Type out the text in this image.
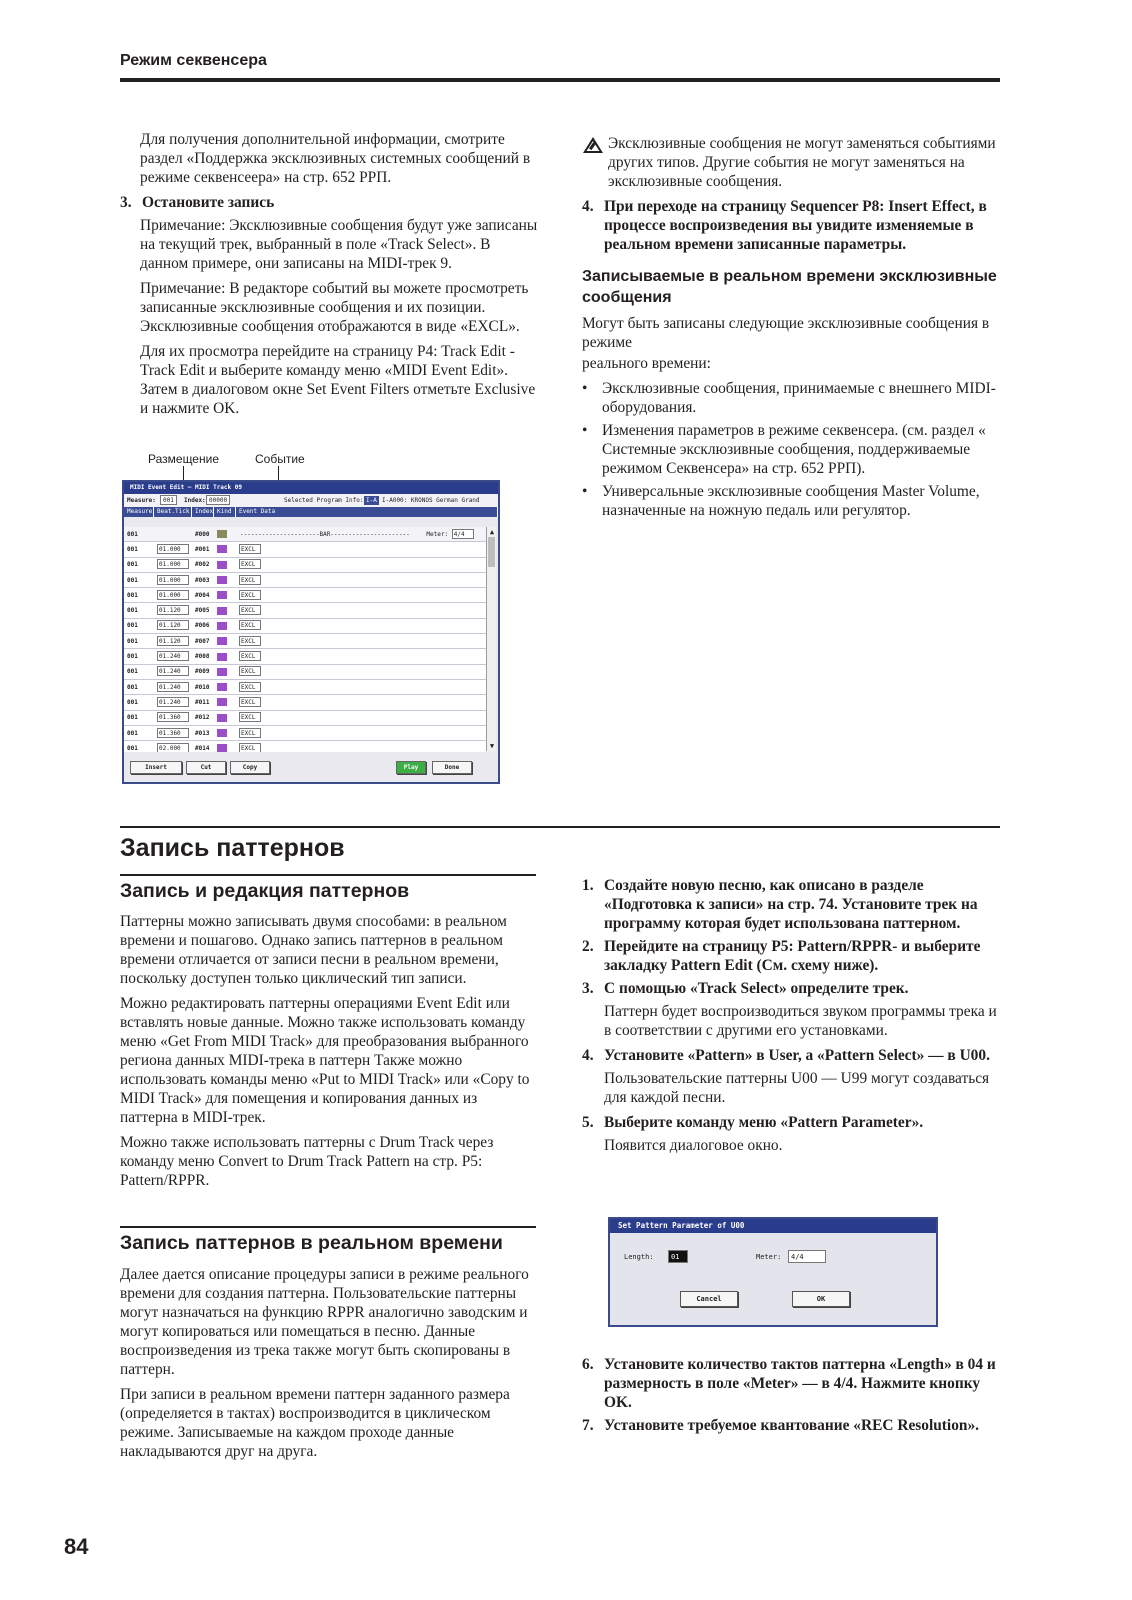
Режим секвенсера

Для получения дополнительной информации, смотрите раздел «Поддержка эксклюзивных системных сообщений в режиме секвенсеера» на стр. 652 PPП.

3. Остановите запись

Примечание: Эксклюзивные сообщения будут уже записаны на текущий трек, выбранный в поле «Track Select». В данном примере, они записаны на MIDI-трек 9.

Примечание: В редакторе событий вы можете просмотреть записанные эксклюзивные сообщения и их позиции. Эксклюзивные сообщения отображаются в виде «EXCL».

Для их просмотра перейдите на страницу P4: Track Edit - Track Edit и выберите команду меню «MIDI Event Edit». Затем в диалоговом окне Set Event Filters отметьте Exclusive и нажмите OK.

Размещение	Событие
MIDI Event Edit – MIDI Track 09
Measure:	001	Index: 00000	Selected Program Info: I-A I-A000: KRONOS German Grand
Measure Beat.Tick Index Kind	Event Data
001	#000	----------------------BAR----------------------	Meter: 4/4
001	01.000	#001	EXCL
001	01.000	#002	EXCL
001	01.000	#003	EXCL
001	01.000	#004	EXCL
001	01.120	#005	EXCL
001	01.120	#006	EXCL
001	01.120	#007	EXCL
001	01.240	#008	EXCL
001	01.240	#009	EXCL
001	01.240	#010	EXCL
001	01.240	#011	EXCL
001	01.360	#012	EXCL
001	01.360	#013	EXCL
001	02.000	#014	EXCL
▲
▼
Insert	Cut	Copy	Play	Done

Эксклюзивные сообщения не могут заменяться событиями других типов. Другие события не могут заменяться на эксклюзивные сообщения.

4. При переходе на страницу Sequencer P8: Insert Effect, в процессе воспроизведения вы увидите изменяемые в реальном времени записанные параметры.
Записываемые в реальном времени эксклюзивные сообщения

Могут быть записаны следующие эксклюзивные сообщения в режиме

реального времени:

• Эксклюзивные сообщения, принимаемые с внешнего MIDI-оборудования.
• Изменения параметров в режиме секвенсера. (см. раздел « Системные эксклюзивные сообщения, поддерживаемые режимом Секвенсера» на стр. 652 PPП).
• Универсальные эксклюзивные сообщения Master Volume, назначенные на ножную педаль или регулятор.
Запись паттернов
Запись и редакция паттернов

Паттерны можно записывать двумя способами: в реальном времени и пошагово. Однако запись паттернов в реальном времени отличается от записи песни в реальном времени, поскольку доступен только циклический тип записи.

Можно редактировать паттерны операциями Event Edit или вставлять новые данные. Можно также использовать команду меню «Get From MIDI Track» для преобразования выбранного региона данных MIDI-трека в паттерн Также можно использовать команды меню «Put to MIDI Track» или «Copy to MIDI Track» для помещения и копирования данных из паттерна в MIDI-трек.

Можно также использовать паттерны с Drum Track через команду меню Convert to Drum Track Pattern на стр. P5: Pattern/RPPR.

Запись паттернов в реальном времени

Далее дается описание процедуры записи в режиме реального времени для создания паттерна. Пользовательские паттерны могут назначаться на функцию RPPR аналогично заводским и могут копироваться или помещаться в песню. Данные воспроизведения из трека также могут быть скопированы в паттерн.

При записи в реальном времени паттерн заданного размера (определяется в тактах) воспроизводится в циклическом режиме. Записываемые на каждом проходе данные накладываются друг на друга.

1. Создайте новую песню, как описано в разделе «Подготовка к записи» на стр. 74. Установите трек на программу которая будет использована паттерном.
2. Перейдите на страницу P5: Pattern/RPPR- и выберите закладку Pattern Edit (См. схему ниже).
3. С помощью «Track Select» определите трек.

Паттерн будет воспроизводиться звуком программы трека и в соответствии с другими его установками.

4. Установите «Pattern» в User, а «Pattern Select» — в U00.

Пользовательские паттерны U00 — U99 могут создаваться для каждой песни.

5. Выберите команду меню «Pattern Parameter».

Появится диалоговое окно.

Set Pattern Parameter of U00
Length:	01	Meter:	4/4
Cancel	OK
6. Установите количество тактов паттерна «Length» в 04 и размерность в поле «Meter» — в 4/4. Нажмите кнопку OK.
7. Установите требуемое квантование «REC Resolution».
84
